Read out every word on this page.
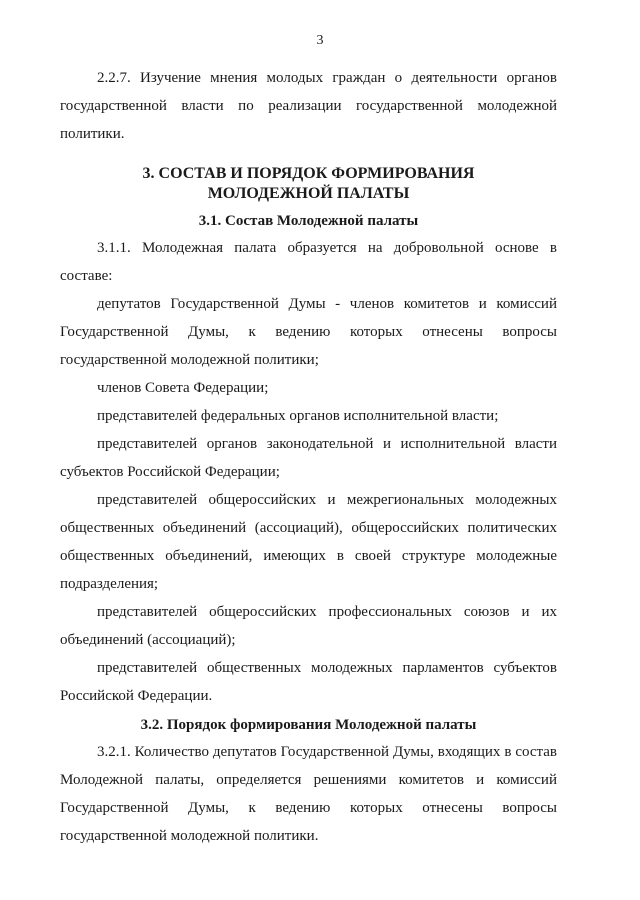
3

2.2.7. Изучение мнения молодых граждан о деятельности органов государственной власти по реализации государственной молодежной политики.

3. СОСТАВ И ПОРЯДОК ФОРМИРОВАНИЯ
МОЛОДЕЖНОЙ ПАЛАТЫ
3.1. Состав Молодежной палаты

3.1.1. Молодежная палата образуется на добровольной основе в составе:

депутатов Государственной Думы - членов комитетов и комиссий Государственной Думы, к ведению которых отнесены вопросы государственной молодежной политики;

членов Совета Федерации;

представителей федеральных органов исполнительной власти;

представителей органов законодательной и исполнительной власти субъектов Российской Федерации;

представителей общероссийских и межрегиональных молодежных общественных объединений (ассоциаций), общероссийских политических общественных объединений, имеющих в своей структуре молодежные подразделения;

представителей общероссийских профессиональных союзов и их объединений (ассоциаций);

представителей общественных молодежных парламентов субъектов Российской Федерации.

3.2. Порядок формирования Молодежной палаты

3.2.1. Количество депутатов Государственной Думы, входящих в состав Молодежной палаты, определяется решениями комитетов и комиссий Государственной Думы, к ведению которых отнесены вопросы государственной молодежной политики.
